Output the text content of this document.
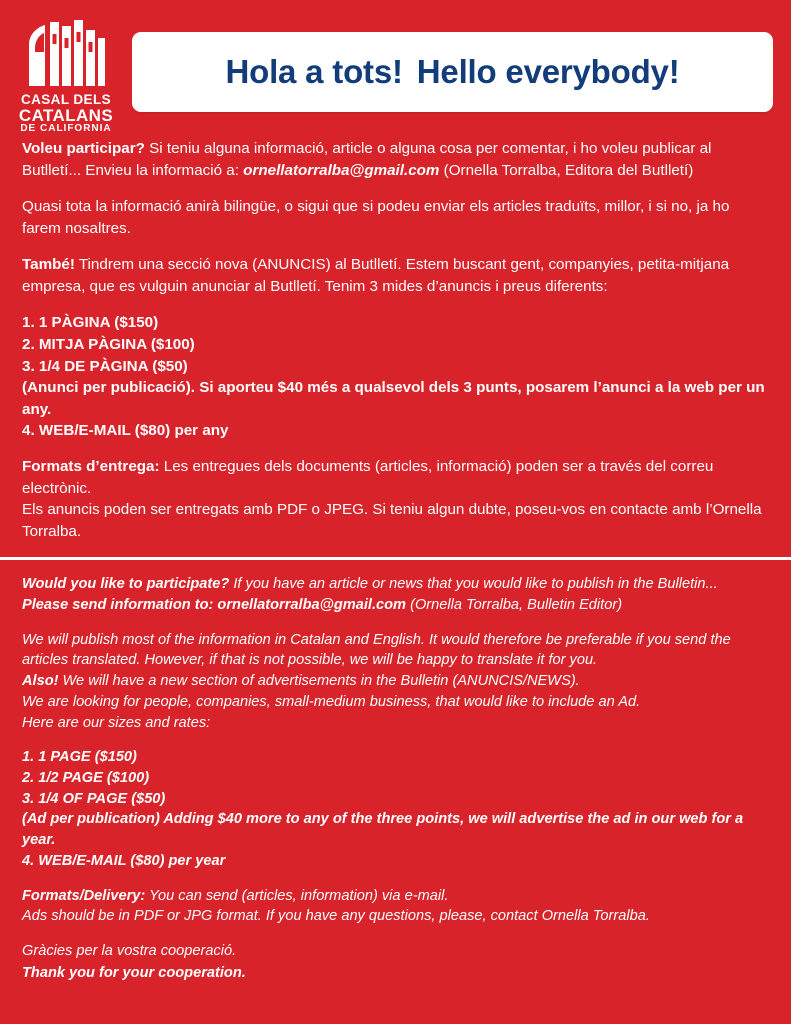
CASAL DELS
CATALANS
DE CALIFORNIA
Hola a tots! Hello everybody!

Voleu participar? Si teniu alguna informació, article o alguna cosa per comentar, i ho voleu publicar al Butlletí... Envieu la informació a: ornellatorralba@gmail.com (Ornella Torralba, Editora del Butlletí)

Quasi tota la informació anirà bilingüe, o sigui que si podeu enviar els articles traduïts, millor, i si no, ja ho farem nosaltres.

També! Tindrem una secció nova (ANUNCIS) al Butlletí. Estem buscant gent, companyies, petita-mitjana empresa, que es vulguin anunciar al Butlletí. Tenim 3 mides d’anuncis i preus diferents:

1. 1 PÀGINA ($150)
2. MITJA PÀGINA ($100)
3. 1/4 DE PÀGINA ($50)
(Anunci per publicació). Si aporteu $40 més a qualsevol dels 3 punts, posarem l’anunci a la web per un any.
4. WEB/E-MAIL ($80) per any

Formats d’entrega: Les entregues dels documents (articles, informació) poden ser a través del correu electrònic.

Els anuncis poden ser entregats amb PDF o JPEG. Si teniu algun dubte, poseu-vos en contacte amb l’Ornella Torralba.

Would you like to participate? If you have an article or news that you would like to publish in the Bulletin...

Please send information to: ornellatorralba@gmail.com (Ornella Torralba, Bulletin Editor)

We will publish most of the information in Catalan and English. It would therefore be preferable if you send the articles translated. However, if that is not possible, we will be happy to translate it for you.

Also! We will have a new section of advertisements in the Bulletin (ANUNCIS/NEWS).

We are looking for people, companies, small-medium business, that would like to include an Ad.

Here are our sizes and rates:

1. 1 PAGE ($150)
2. 1/2 PAGE ($100)
3. 1/4 OF PAGE ($50)
(Ad per publication) Adding $40 more to any of the three points, we will advertise the ad in our web for a year.
4. WEB/E-MAIL ($80) per year

Formats/Delivery: You can send (articles, information) via e-mail.

Ads should be in PDF or JPG format. If you have any questions, please, contact Ornella Torralba.

Gràcies per la vostra cooperació.
Thank you for your cooperation.
